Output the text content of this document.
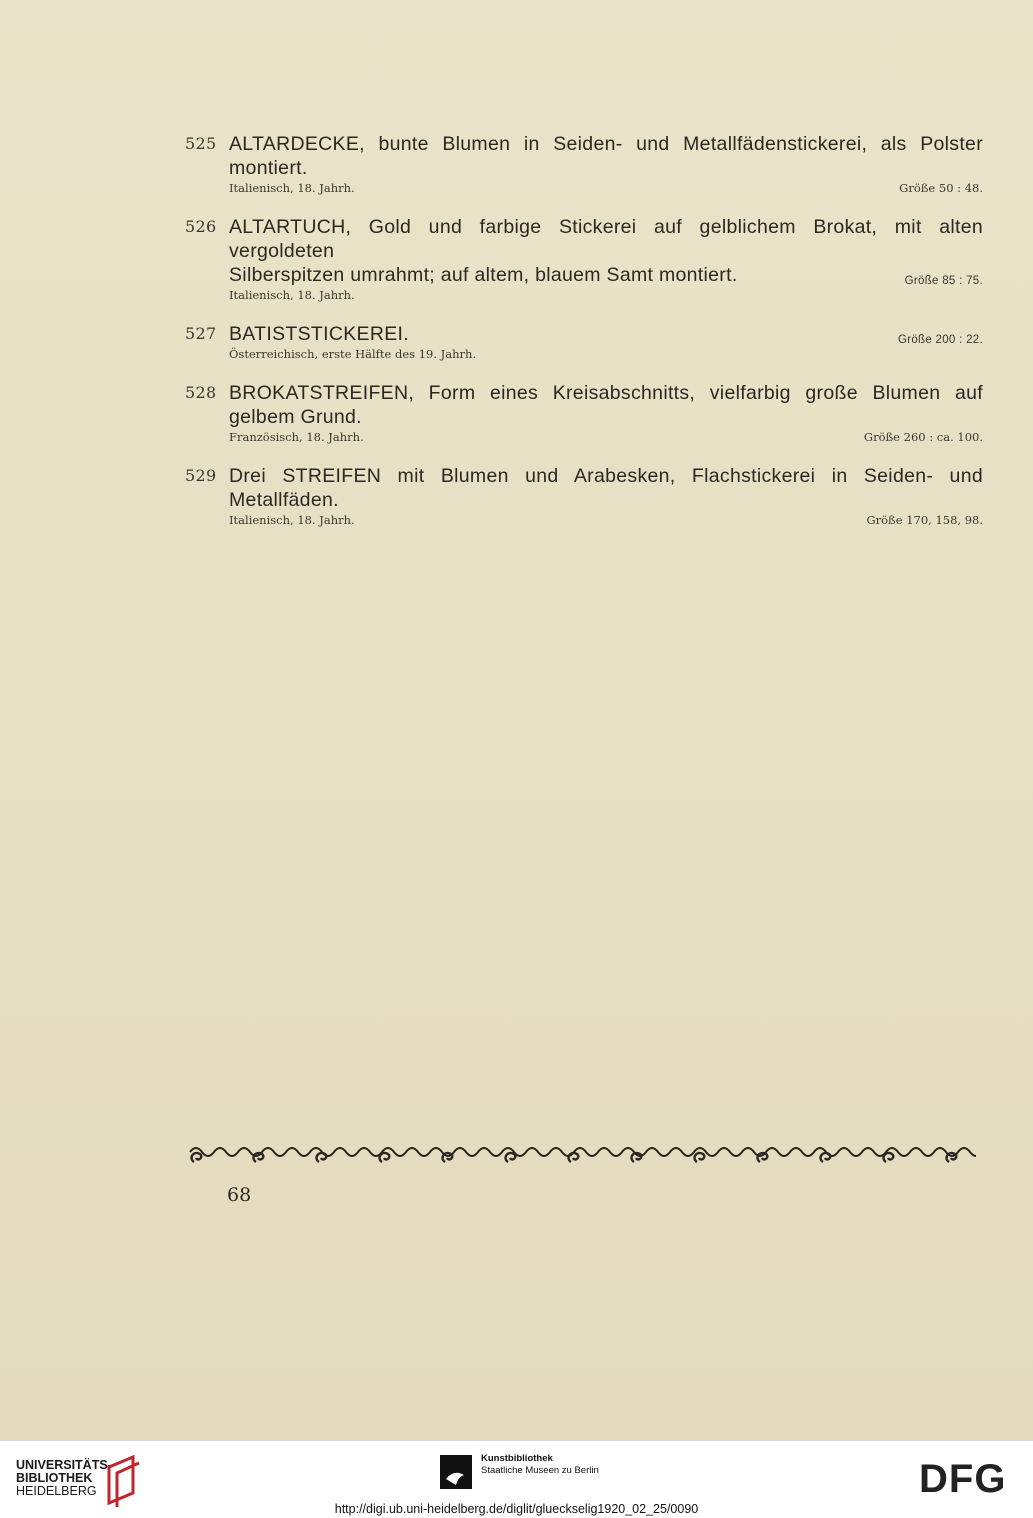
525 ALTARDECKE, bunte Blumen in Seiden- und Metallfädenstickerei, als Polster montiert.
Italienisch, 18. Jahrh.	Größe 50 : 48.
526 ALTARTUCH, Gold und farbige Stickerei auf gelblichem Brokat, mit alten vergoldeten
Silberspitzen umrahmt; auf altem, blauem Samt montiert.	Größe 85 : 75.
Italienisch, 18. Jahrh.
527 BATISTSTICKEREI.	Größe 200 : 22.
Österreichisch, erste Hälfte des 19. Jahrh.
528 BROKATSTREIFEN, Form eines Kreisabschnitts, vielfarbig große Blumen auf gelbem Grund.
Französisch, 18. Jahrh.	Größe 260 : ca. 100.
529 Drei STREIFEN mit Blumen und Arabesken, Flachstickerei in Seiden- und Metallfäden.
Italienisch, 18. Jahrh.	Größe 170, 158, 98.
68
UNIVERSITÄTS-
BIBLIOTHEK
HEIDELBERG
Kunstbibliothek
Staatliche Museen zu Berlin	DFG
http://digi.ub.uni-heidelberg.de/diglit/glueckselig1920_02_25/0090
